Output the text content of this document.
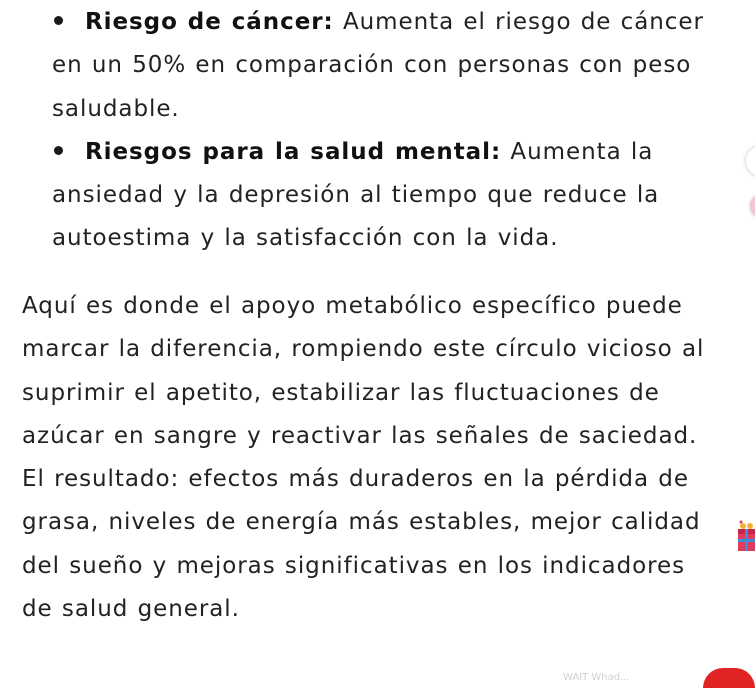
Riesgo de cáncer: Aumenta el riesgo de cáncer en un 50% en comparación con personas con peso saludable.
Riesgos para la salud mental: Aumenta la ansiedad y la depresión al tiempo que reduce la autoestima y la satisfacción con la vida.

Aquí es donde el apoyo metabólico específico puede marcar la diferencia, rompiendo este círculo vicioso al suprimir el apetito, estabilizar las fluctuaciones de azúcar en sangre y reactivar las señales de saciedad. El resultado: efectos más duraderos en la pérdida de grasa, niveles de energía más estables, mejor calidad del sueño y mejoras significativas en los indicadores de salud general.

WAIT Whad...
